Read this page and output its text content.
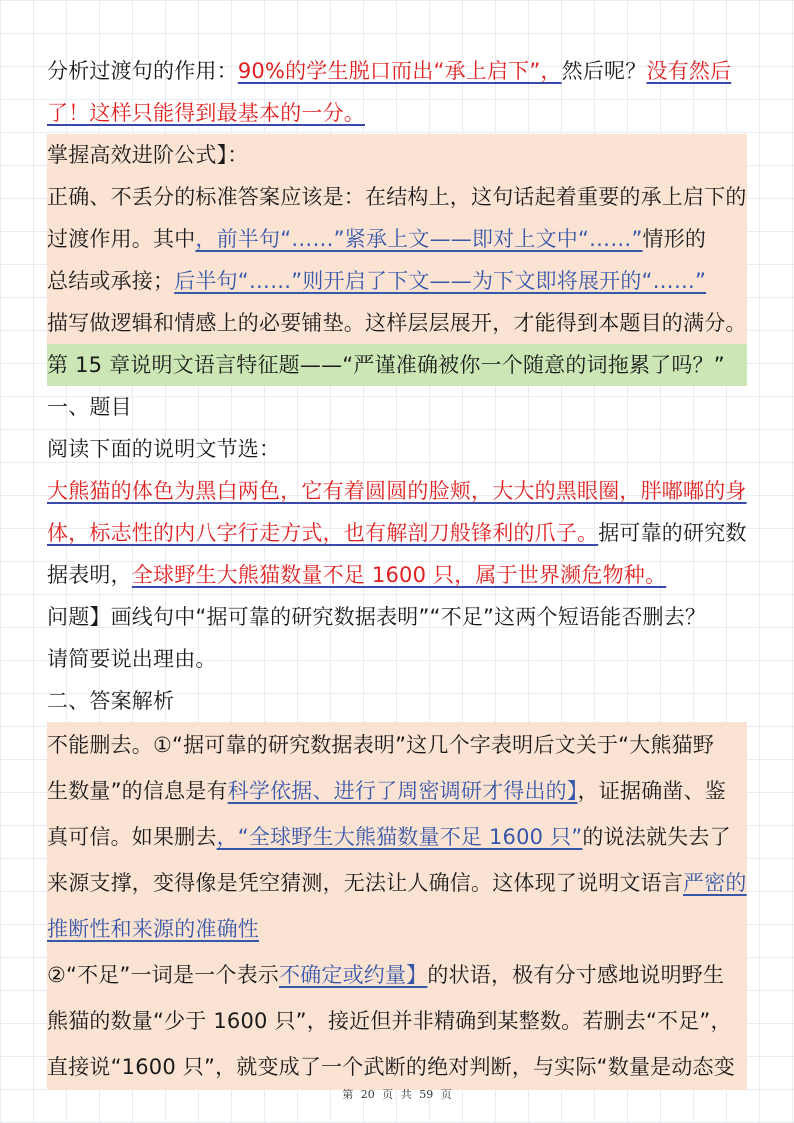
分析过渡句的作用：90%的学生脱口而出“承上启下”，然后呢？没有然后
了！这样只能得到最基本的一分。
掌握高效进阶公式】：
正确、不丢分的标准答案应该是：在结构上，这句话起着重要的承上启下的
过渡作用。其中，前半句“……”紧承上文——即对上文中“……”情形的
总结或承接；后半句“……”则开启了下文——为下文即将展开的“……”
描写做逻辑和情感上的必要铺垫。这样层层展开，才能得到本题目的满分。
第 15 章说明文语言特征题——“严谨准确被你一个随意的词拖累了吗？”
一、题目
阅读下面的说明文节选：
大熊猫的体色为黑白两色，它有着圆圆的脸颊，大大的黑眼圈，胖嘟嘟的身
体，标志性的内八字行走方式，也有解剖刀般锋利的爪子。据可靠的研究数
据表明，全球野生大熊猫数量不足 1600 只，属于世界濒危物种。
问题】画线句中“据可靠的研究数据表明”“不足”这两个短语能否删去？
请简要说出理由。
二、答案解析
不能删去。①“据可靠的研究数据表明”这几个字表明后文关于“大熊猫野
生数量”的信息是有科学依据、进行了周密调研才得出的】，证据确凿、鉴
真可信。如果删去，“全球野生大熊猫数量不足 1600 只”的说法就失去了
来源支撑，变得像是凭空猜测，无法让人确信。这体现了说明文语言严密的
推断性和来源的准确性
②“不足”一词是一个表示不确定或约量】的状语，极有分寸感地说明野生
熊猫的数量“少于 1600 只”，接近但并非精确到某整数。若删去“不足”，
直接说“1600 只”，就变成了一个武断的绝对判断，与实际“数量是动态变
第 20 页 共 59 页
